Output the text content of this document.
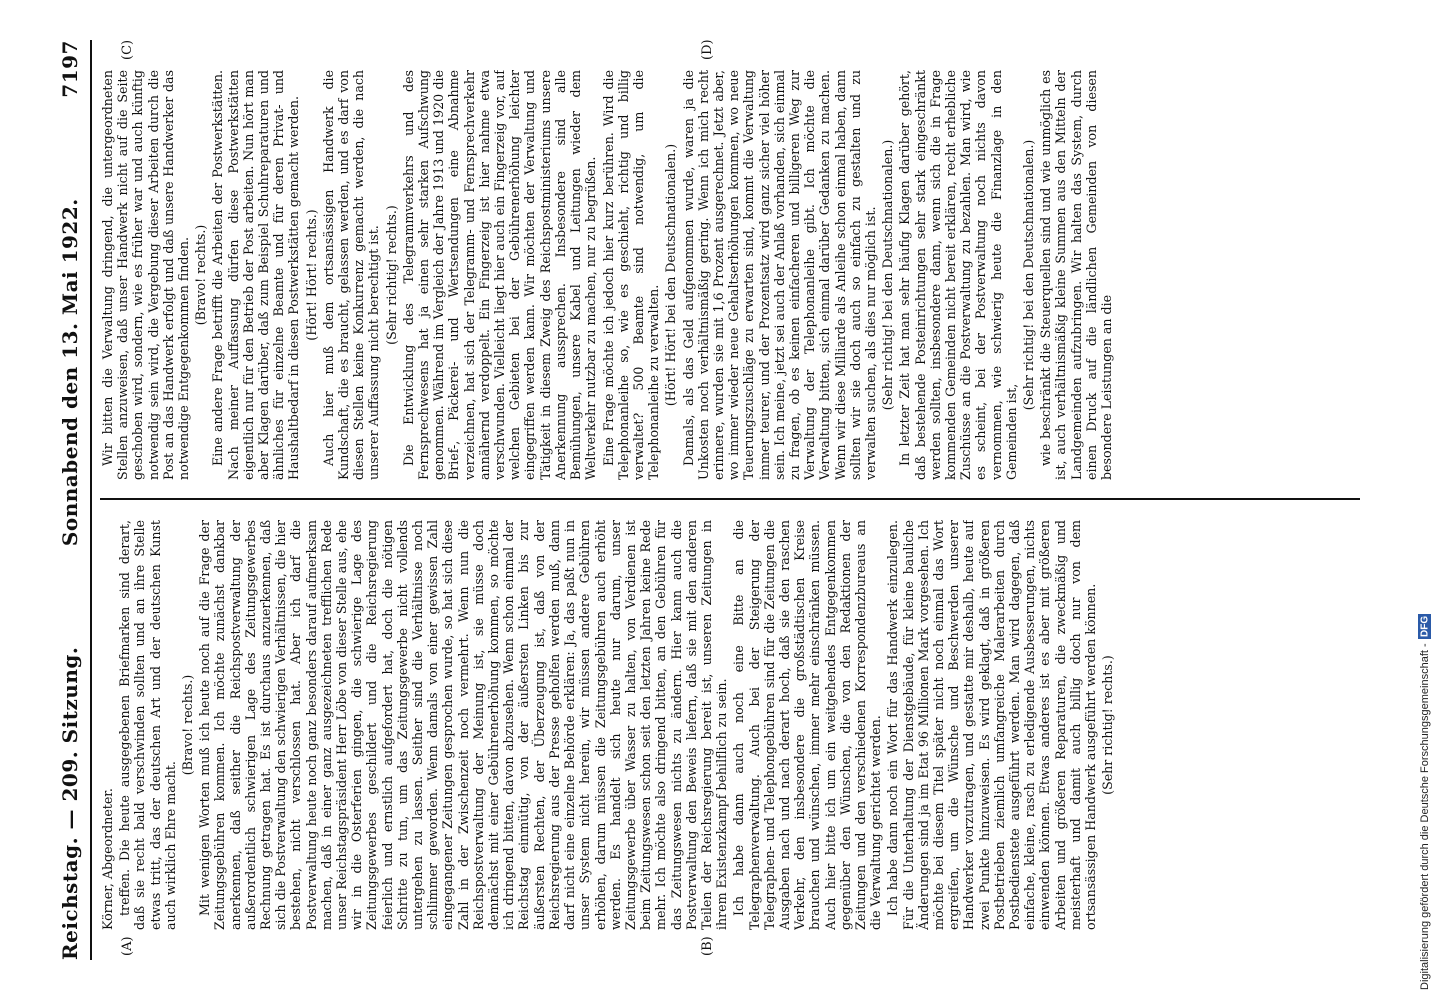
Reichstag. — 209. Sitzung.
Sonnabend den 13. Mai 1922.
7197
(A)	(B)
(C)	(D)

Körner, Abgeordneter. treffen. Die heute ausgegebenen Briefmarken sind derart, daß sie recht bald verschwinden sollten und an ihre Stelle etwas tritt, das der deutschen Art und der deutschen Kunst auch wirklich Ehre macht.

(Bravo! rechts.) Mit wenigen Worten muß ich heute noch auf die Frage der Zeitungsgebühren kommen. Ich möchte zunächst dankbar anerkennen, daß seither die Reichspostverwaltung der außerordentlich schwierigen Lage des Zeitungsgewerbes Rechnung getragen hat. Es ist durchaus anzuerkennen, daß sich die Postverwaltung den schwierigen Verhältnissen, die hier bestehen, nicht verschlossen hat. Aber ich darf die Postverwaltung heute noch ganz besonders darauf aufmerksam machen, daß in einer ganz ausgezeichneten trefflichen Rede unser Reichstagspräsident Herr Löbe von dieser Stelle aus, ehe wir in die Osterferien gingen, die schwierige Lage des Zeitungsgewerbes geschildert und die Reichsregierung feierlich und ernstlich aufgefordert hat, doch die nötigen Schritte zu tun, um das Zeitungsgewerbe nicht vollends untergehen zu lassen. Seither sind die Verhältnisse noch schlimmer geworden. Wenn damals von einer gewissen Zahl eingegangener Zeitungen gesprochen wurde, so hat sich diese Zahl in der Zwischenzeit noch vermehrt. Wenn nun die Reichspostverwaltung der Meinung ist, sie müsse doch demnächst mit einer Gebührenerhöhung kommen, so möchte ich dringend bitten, davon abzusehen. Wenn schon einmal der Reichstag einmütig, von der äußersten Linken bis zur äußersten Rechten, der Überzeugung ist, daß von der Reichsregierung aus der Presse geholfen werden muß, dann darf nicht eine einzelne Behörde erklären: Ja, das paßt nun in unser System nicht herein, wir müssen andere Gebühren erhöhen, darum müssen die Zeitungsgebühren auch erhöht werden. Es handelt sich heute nur darum, unser Zeitungsgewerbe über Wasser zu halten, von Verdienen ist beim Zeitungswesen schon seit den letzten Jahren keine Rede mehr. Ich möchte also dringend bitten, an den Gebühren für das Zeitungswesen nichts zu ändern. Hier kann auch die Postverwaltung den Beweis liefern, daß sie mit den anderen Teilen der Reichsregierung bereit ist, unseren Zeitungen in ihrem Existenzkampf behilflich zu sein. Ich habe dann auch noch eine Bitte an die Telegraphenverwaltung. Auch bei der Steigerung der Telegraphen- und Telephongebühren sind für die Zeitungen die Ausgaben nach und nach derart hoch, daß sie den raschen Verkehr, den insbesondere die großstädtischen Kreise brauchen und wünschen, immer mehr einschränken müssen. Auch hier bitte ich um ein weitgehendes Entgegenkommen gegenüber den Wünschen, die von den Redaktionen der Zeitungen und den verschiedenen Korrespondenzbureaus an die Verwaltung gerichtet werden. Ich habe dann noch ein Wort für das Handwerk einzulegen. Für die Unterhaltung der Dienstgebäude, für kleine bauliche Änderungen sind ja im Etat 96 Millionen Mark vorgesehen. Ich möchte bei diesem Titel später nicht noch einmal das Wort ergreifen, um die Wünsche und Beschwerden unserer Handwerker vorzutragen, und gestatte mir deshalb, heute auf zwei Punkte hinzuweisen. Es wird geklagt, daß in größeren Postbetrieben ziemlich umfangreiche Malerarbeiten durch Postbedienstete ausgeführt werden. Man wird dagegen, daß einfache, kleine, rasch zu erledigende Ausbesserungen, nichts einwenden können. Etwas anderes ist es aber mit größeren Arbeiten und größeren Reparaturen, die zweckmäßig und meisterhaft und damit auch billig doch nur von dem ortsansässigen Handwerk ausgeführt werden können. (Sehr richtig! rechts.)

Wir bitten die Verwaltung dringend, die untergeordneten Stellen anzuweisen, daß unser Handwerk nicht auf die Seite geschoben wird, sondern, wie es früher war und auch künftig notwendig sein wird, die Vergebung dieser Arbeiten durch die Post an das Handwerk erfolgt und daß unsere Handwerker das notwendige Entgegenkommen finden. (Bravo! rechts.) Eine andere Frage betrifft die Arbeiten der Postwerkstätten. Nach meiner Auffassung dürfen diese Postwerkstätten eigentlich nur für den Betrieb der Post arbeiten. Nun hört man aber Klagen darüber, daß zum Beispiel Schuhreparaturen und ähnliches für einzelne Beamte und für deren Privat- und Haushaltbedarf in diesen Postwerkstätten gemacht werden. (Hört! Hört! rechts.) Auch hier muß dem ortsansässigen Handwerk die Kundschaft, die es braucht, gelassen werden, und es darf von diesen Stellen keine Konkurrenz gemacht werden, die nach unserer Auffassung nicht berechtigt ist. (Sehr richtig! rechts.) Die Entwicklung des Telegrammverkehrs und des Fernsprechwesens hat ja einen sehr starken Aufschwung genommen. Während im Vergleich der Jahre 1913 und 1920 die Brief-, Päckerei- und Wertsendungen eine Abnahme verzeichnen, hat sich der Telegramm- und Fernsprechverkehr annähernd verdoppelt. Ein Fingerzeig ist hier nahme etwa verschwunden. Vielleicht liegt hier auch ein Fingerzeig vor, auf welchen Gebieten bei der Gebührenerhöhung leichter eingegriffen werden kann. Wir möchten der Verwaltung und Tätigkeit in diesem Zweig des Reichspostministeriums unsere Anerkennung aussprechen. Insbesondere sind alle Bemühungen, unsere Kabel und Leitungen wieder dem Weltverkehr nutzbar zu machen, nur zu begrüßen. Eine Frage möchte ich jedoch hier kurz berühren. Wird die Telephonanleihe so, wie es geschieht, richtig und billig verwaltet? 500 Beamte sind notwendig, um die Telephonanleihe zu verwalten. (Hört! Hört! bei den Deutschnationalen.) Damals, als das Geld aufgenommen wurde, waren ja die Unkosten noch verhältnismäßig gering. Wenn ich mich recht erinnere, wurden sie mit 1,6 Prozent ausgerechnet. Jetzt aber, wo immer wieder neue Gehaltserhöhungen kommen, wo neue Teuerungszuschläge zu erwarten sind, kommt die Verwaltung immer teurer, und der Prozentsatz wird ganz sicher viel höher sein. Ich meine, jetzt sei auch der Anlaß vorhanden, sich einmal zu fragen, ob es keinen einfacheren und billigeren Weg zur Verwaltung der Telephonanleihe gibt. Ich möchte die Verwaltung bitten, sich einmal darüber Gedanken zu machen. Wenn wir diese Milliarde als Anleihe schon einmal haben, dann sollten wir sie doch auch so einfach zu gestalten und zu verwalten suchen, als dies nur möglich ist. (Sehr richtig! bei den Deutschnationalen.) In letzter Zeit hat man sehr häufig Klagen darüber gehört, daß bestehende Posteinrichtungen sehr stark eingeschränkt werden sollten, insbesondere dann, wenn sich die in Frage kommenden Gemeinden nicht bereit erklären, recht erhebliche Zuschüsse an die Postverwaltung zu bezahlen. Man wird, wie es scheint, bei der Postverwaltung noch nichts davon vernommen, wie schwierig heute die Finanzlage in den Gemeinden ist,

(Sehr richtig! bei den Deutschnationalen.) wie beschränkt die Steuerquellen sind und wie unmöglich es ist, auch verhältnismäßig kleine Summen aus den Mitteln der Landgemeinden aufzubringen. Wir halten das System, durch einen Druck auf die ländlichen Gemeinden von diesen besondere Leistungen an die

Digitalisierung gefördert durch die Deutsche Forschungsgemeinschaft -
DFG
